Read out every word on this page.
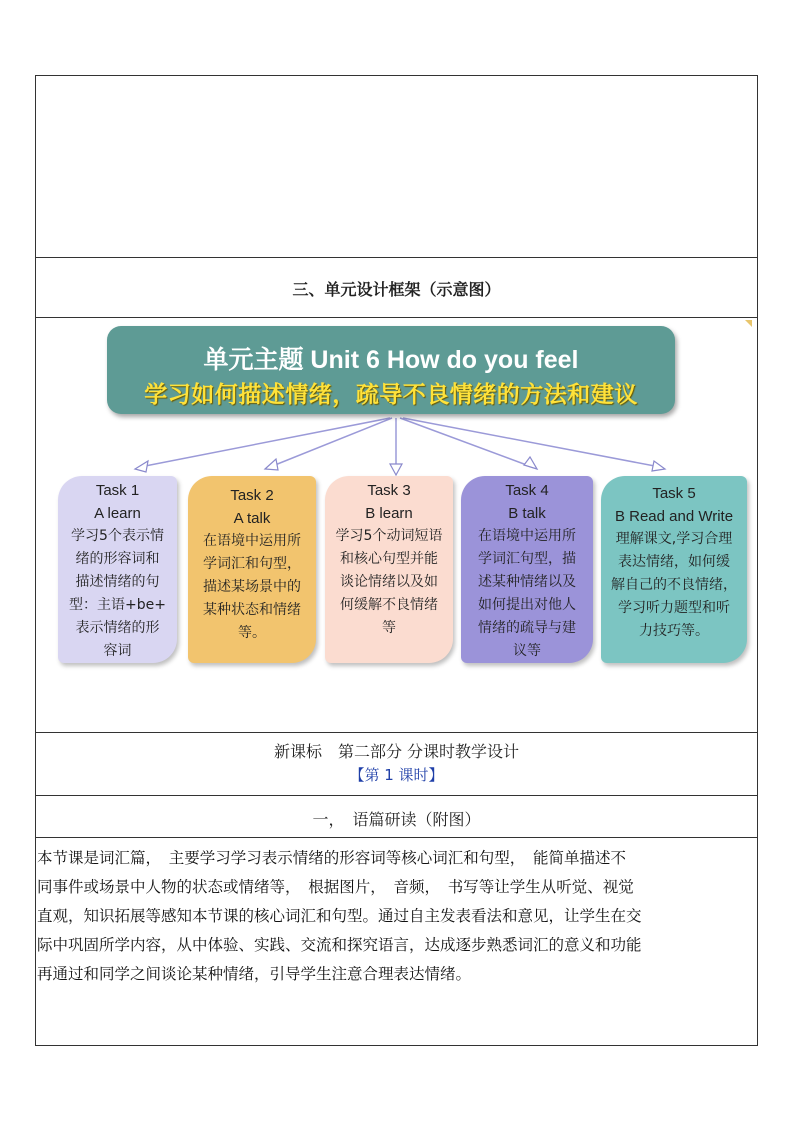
三、单元设计框架（示意图）
单元主题 Unit 6 How do you feel
学习如何描述情绪，疏导不良情绪的方法和建议
Task 1
A learn
学习5个表示情
绪的形容词和
描述情绪的句
型：主语+be+
表示情绪的形
容词
Task 2
A talk
在语境中运用所
学词汇和句型，
描述某场景中的
某种状态和情绪
等。
Task 3
B learn
学习5个动词短语
和核心句型并能
谈论情绪以及如
何缓解不良情绪
等
Task 4
B talk
在语境中运用所
学词汇句型，描
述某种情绪以及
如何提出对他人
情绪的疏导与建
议等
Task 5
B Read and Write
理解课文,学习合理
表达情绪，如何缓
解自己的不良情绪，
学习听力题型和听
力技巧等。
新课标　第二部分 分课时教学设计
【第 1 课时】
一，　语篇研读（附图）
本节课是词汇篇，　主要学习学习表示情绪的形容词等核心词汇和句型，　能简单描述不
同事件或场景中人物的状态或情绪等，　根据图片，　音频，　书写等让学生从听觉、视觉
直观，知识拓展等感知本节课的核心词汇和句型。通过自主发表看法和意见，让学生在交
际中巩固所学内容，从中体验、实践、交流和探究语言，达成逐步熟悉词汇的意义和功能
再通过和同学之间谈论某种情绪，引导学生注意合理表达情绪。
